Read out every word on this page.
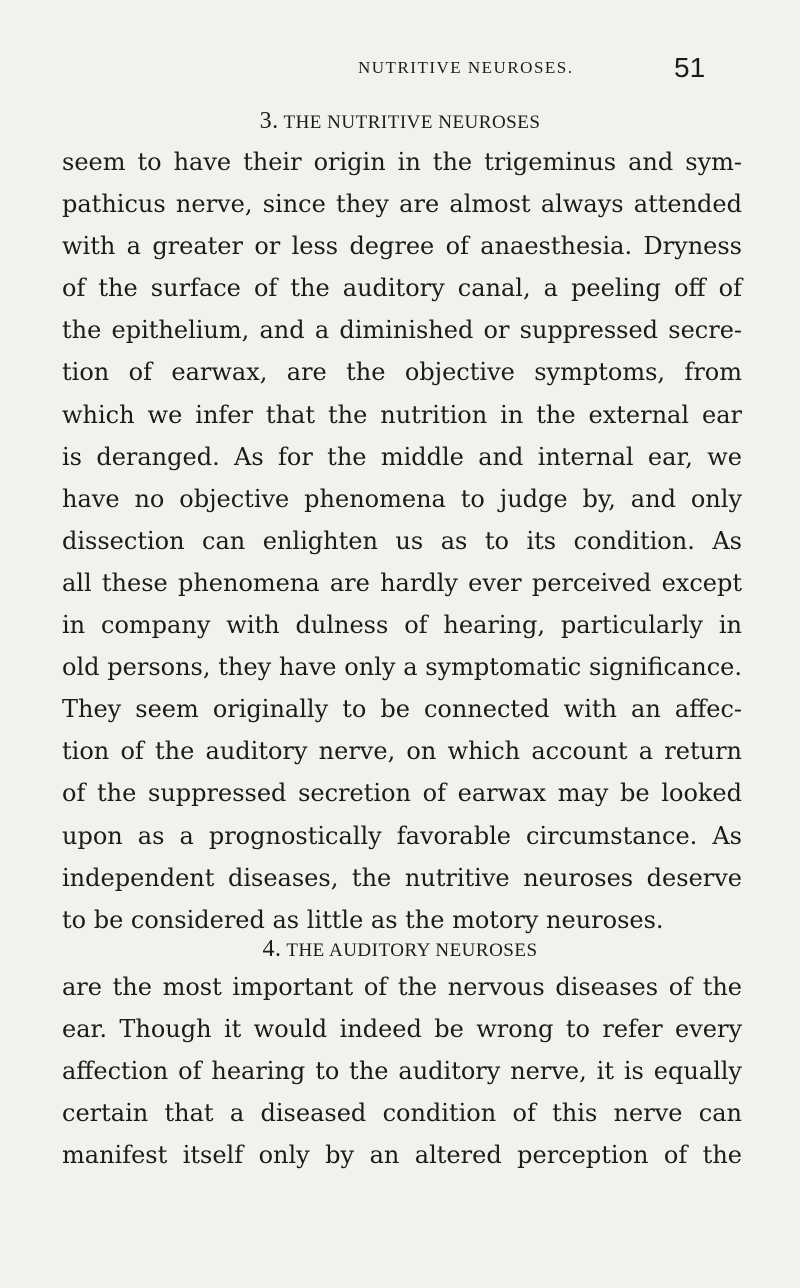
NUTRITIVE NEUROSES.	51
3. THE NUTRITIVE NEUROSES
seem to have their origin in the trigeminus and sym-
pathicus nerve, since they are almost always attended
with a greater or less degree of anaesthesia. Dryness
of the surface of the auditory canal, a peeling off of
the epithelium, and a diminished or suppressed secre-
tion of earwax, are the objective symptoms, from
which we infer that the nutrition in the external ear
is deranged. As for the middle and internal ear, we
have no objective phenomena to judge by, and only
dissection can enlighten us as to its condition. As
all these phenomena are hardly ever perceived except
in company with dulness of hearing, particularly in
old persons, they have only a symptomatic significance.
They seem originally to be connected with an affec-
tion of the auditory nerve, on which account a return
of the suppressed secretion of earwax may be looked
upon as a prognostically favorable circumstance. As
independent diseases, the nutritive neuroses deserve
to be considered as little as the motory neuroses.
4. THE AUDITORY NEUROSES
are the most important of the nervous diseases of the
ear. Though it would indeed be wrong to refer every
affection of hearing to the auditory nerve, it is equally
certain that a diseased condition of this nerve can
manifest itself only by an altered perception of the
